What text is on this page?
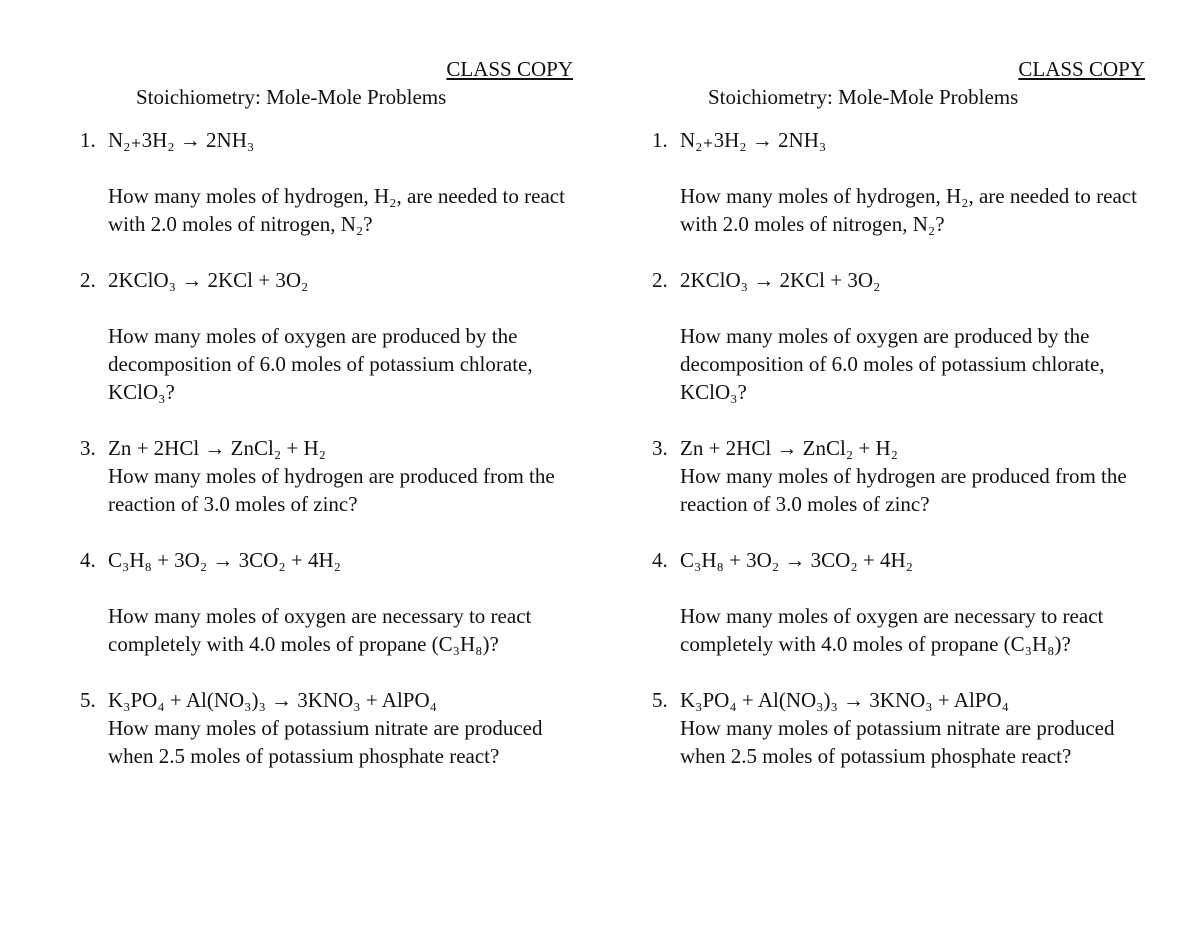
CLASS COPY
Stoichiometry: Mole-Mole Problems
1. N₂₊3H₂ → 2NH₃
How many moles of hydrogen, H₂, are needed to react with 2.0 moles of nitrogen, N₂?
2. 2KClO₃ → 2KCl + 3O₂
How many moles of oxygen are produced by the decomposition of 6.0 moles of potassium chlorate, KClO₃?
3. Zn + 2HCl → ZnCl₂ + H₂
How many moles of hydrogen are produced from the reaction of 3.0 moles of zinc?
4. C₃H₈ + 3O₂ → 3CO₂ + 4H₂
How many moles of oxygen are necessary to react completely with 4.0 moles of propane (C₃H₈)?
5. K₃PO₄ + Al(NO₃)₃ → 3KNO₃ + AlPO₄
How many moles of potassium nitrate are produced when 2.5 moles of potassium phosphate react?
CLASS COPY
Stoichiometry: Mole-Mole Problems
1. N₂₊3H₂ → 2NH₃
How many moles of hydrogen, H₂, are needed to react with 2.0 moles of nitrogen, N₂?
2. 2KClO₃ → 2KCl + 3O₂
How many moles of oxygen are produced by the decomposition of 6.0 moles of potassium chlorate, KClO₃?
3. Zn + 2HCl → ZnCl₂ + H₂
How many moles of hydrogen are produced from the reaction of 3.0 moles of zinc?
4. C₃H₈ + 3O₂ → 3CO₂ + 4H₂
How many moles of oxygen are necessary to react completely with 4.0 moles of propane (C₃H₈)?
5. K₃PO₄ + Al(NO₃)₃ → 3KNO₃ + AlPO₄
How many moles of potassium nitrate are produced when 2.5 moles of potassium phosphate react?
